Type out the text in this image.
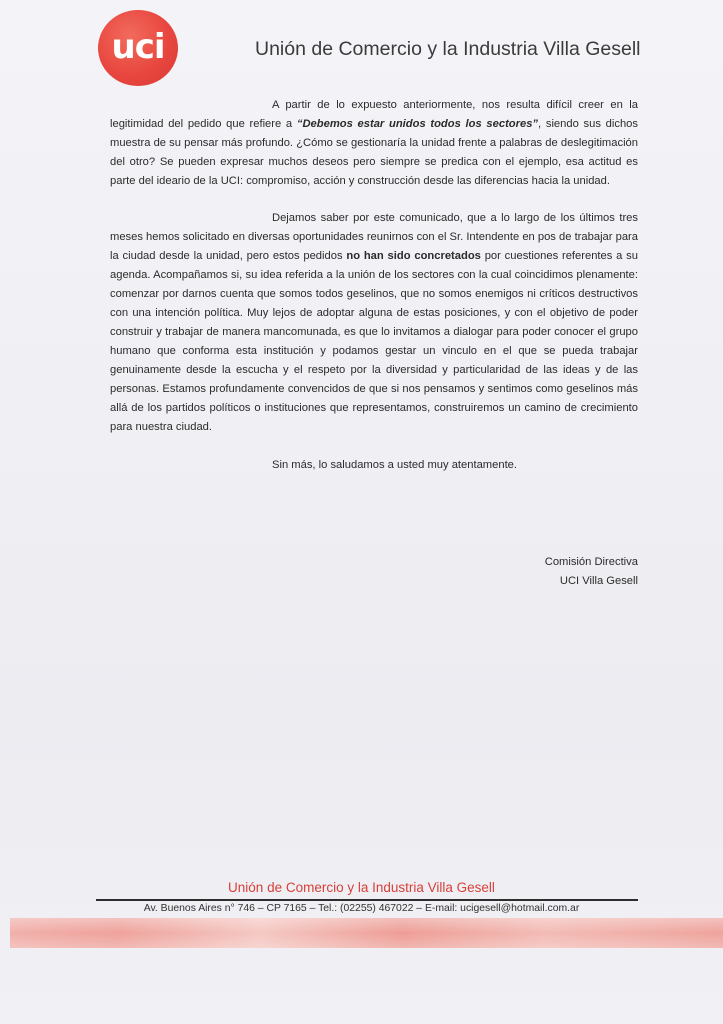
uci	Unión de Comercio y la Industria Villa Gesell

A partir de lo expuesto anteriormente, nos resulta difícil creer en la legitimidad del pedido que refiere a “Debemos estar unidos todos los sectores”, siendo sus dichos muestra de su pensar más profundo. ¿Cómo se gestionaría la unidad frente a palabras de deslegitimación del otro? Se pueden expresar muchos deseos pero siempre se predica con el ejemplo, esa actitud es parte del ideario de la UCI: compromiso, acción y construcción desde las diferencias hacia la unidad.

Dejamos saber por este comunicado, que a lo largo de los últimos tres meses hemos solicitado en diversas oportunidades reunirnos con el Sr. Intendente en pos de trabajar para la ciudad desde la unidad, pero estos pedidos no han sido concretados por cuestiones referentes a su agenda. Acompañamos si, su idea referida a la unión de los sectores con la cual coincidimos plenamente: comenzar por darnos cuenta que somos todos geselinos, que no somos enemigos ni críticos destructivos con una intención política. Muy lejos de adoptar alguna de estas posiciones, y con el objetivo de poder construir y trabajar de manera mancomunada, es que lo invitamos a dialogar para poder conocer el grupo humano que conforma esta institución y podamos gestar un vinculo en el que se pueda trabajar genuinamente desde la escucha y el respeto por la diversidad y particularidad de las ideas y de las personas. Estamos profundamente convencidos de que si nos pensamos y sentimos como geselinos más allá de los partidos políticos o instituciones que representamos, construiremos un camino de crecimiento para nuestra ciudad.

Sin más, lo saludamos a usted muy atentamente.
Comisión Directiva
UCI Villa Gesell
Unión de Comercio y la Industria Villa Gesell
Av. Buenos Aires n° 746 – CP 7165 – Tel.: (02255) 467022 – E-mail: ucigesell@hotmail.com.ar
